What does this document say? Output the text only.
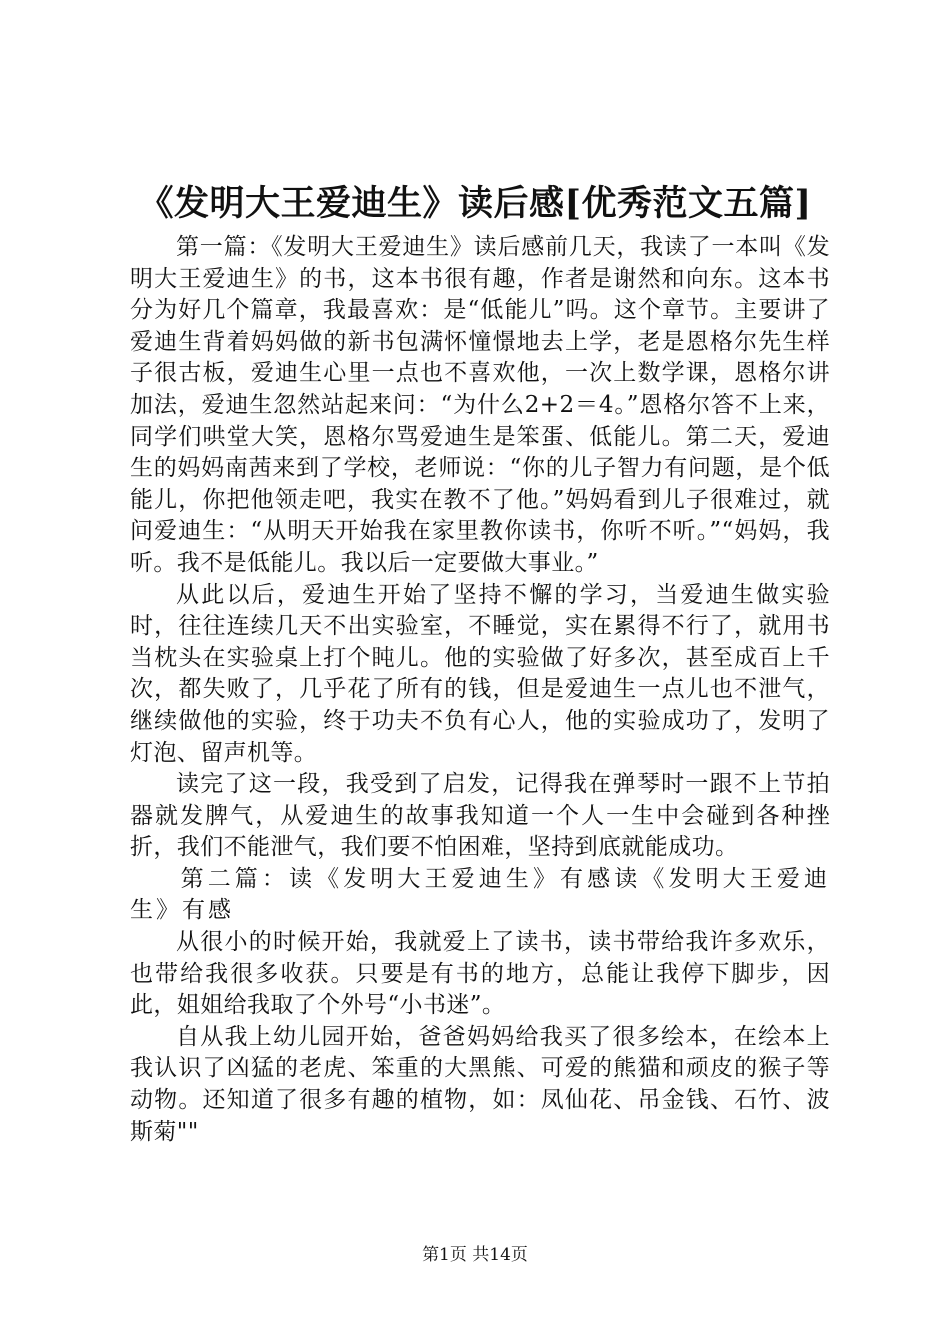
《发明大王爱迪生》读后感[优秀范文五篇]

第一篇：《发明大王爱迪生》读后感前几天，我读了一本叫《发明大王爱迪生》的书，这本书很有趣，作者是谢然和向东。这本书分为好几个篇章，我最喜欢：是“低能儿”吗。这个章节。主要讲了爱迪生背着妈妈做的新书包满怀憧憬地去上学，老是恩格尔先生样子很古板，爱迪生心里一点也不喜欢他，一次上数学课，恩格尔讲加法，爱迪生忽然站起来问：“为什么2+2＝4。”恩格尔答不上来，同学们哄堂大笑，恩格尔骂爱迪生是笨蛋、低能儿。第二天，爱迪生的妈妈南茜来到了学校，老师说：“你的儿子智力有问题，是个低能儿，你把他领走吧，我实在教不了他。”妈妈看到儿子很难过，就问爱迪生：“从明天开始我在家里教你读书，你听不听。”“妈妈，我听。我不是低能儿。我以后一定要做大事业。”

从此以后，爱迪生开始了坚持不懈的学习，当爱迪生做实验时，往往连续几天不出实验室，不睡觉，实在累得不行了，就用书当枕头在实验桌上打个盹儿。他的实验做了好多次，甚至成百上千次，都失败了，几乎花了所有的钱，但是爱迪生一点儿也不泄气，继续做他的实验，终于功夫不负有心人，他的实验成功了，发明了灯泡、留声机等。

读完了这一段，我受到了启发，记得我在弹琴时一跟不上节拍器就发脾气，从爱迪生的故事我知道一个人一生中会碰到各种挫折，我们不能泄气，我们要不怕困难，坚持到底就能成功。

第二篇：读《发明大王爱迪生》有感读《发明大王爱迪生》有感

从很小的时候开始，我就爱上了读书，读书带给我许多欢乐，也带给我很多收获。只要是有书的地方，总能让我停下脚步，因此，姐姐给我取了个外号“小书迷”。

自从我上幼儿园开始，爸爸妈妈给我买了很多绘本，在绘本上我认识了凶猛的老虎、笨重的大黑熊、可爱的熊猫和顽皮的猴子等动物。还知道了很多有趣的植物，如：凤仙花、吊金钱、石竹、波斯菊""

第1页 共14页
